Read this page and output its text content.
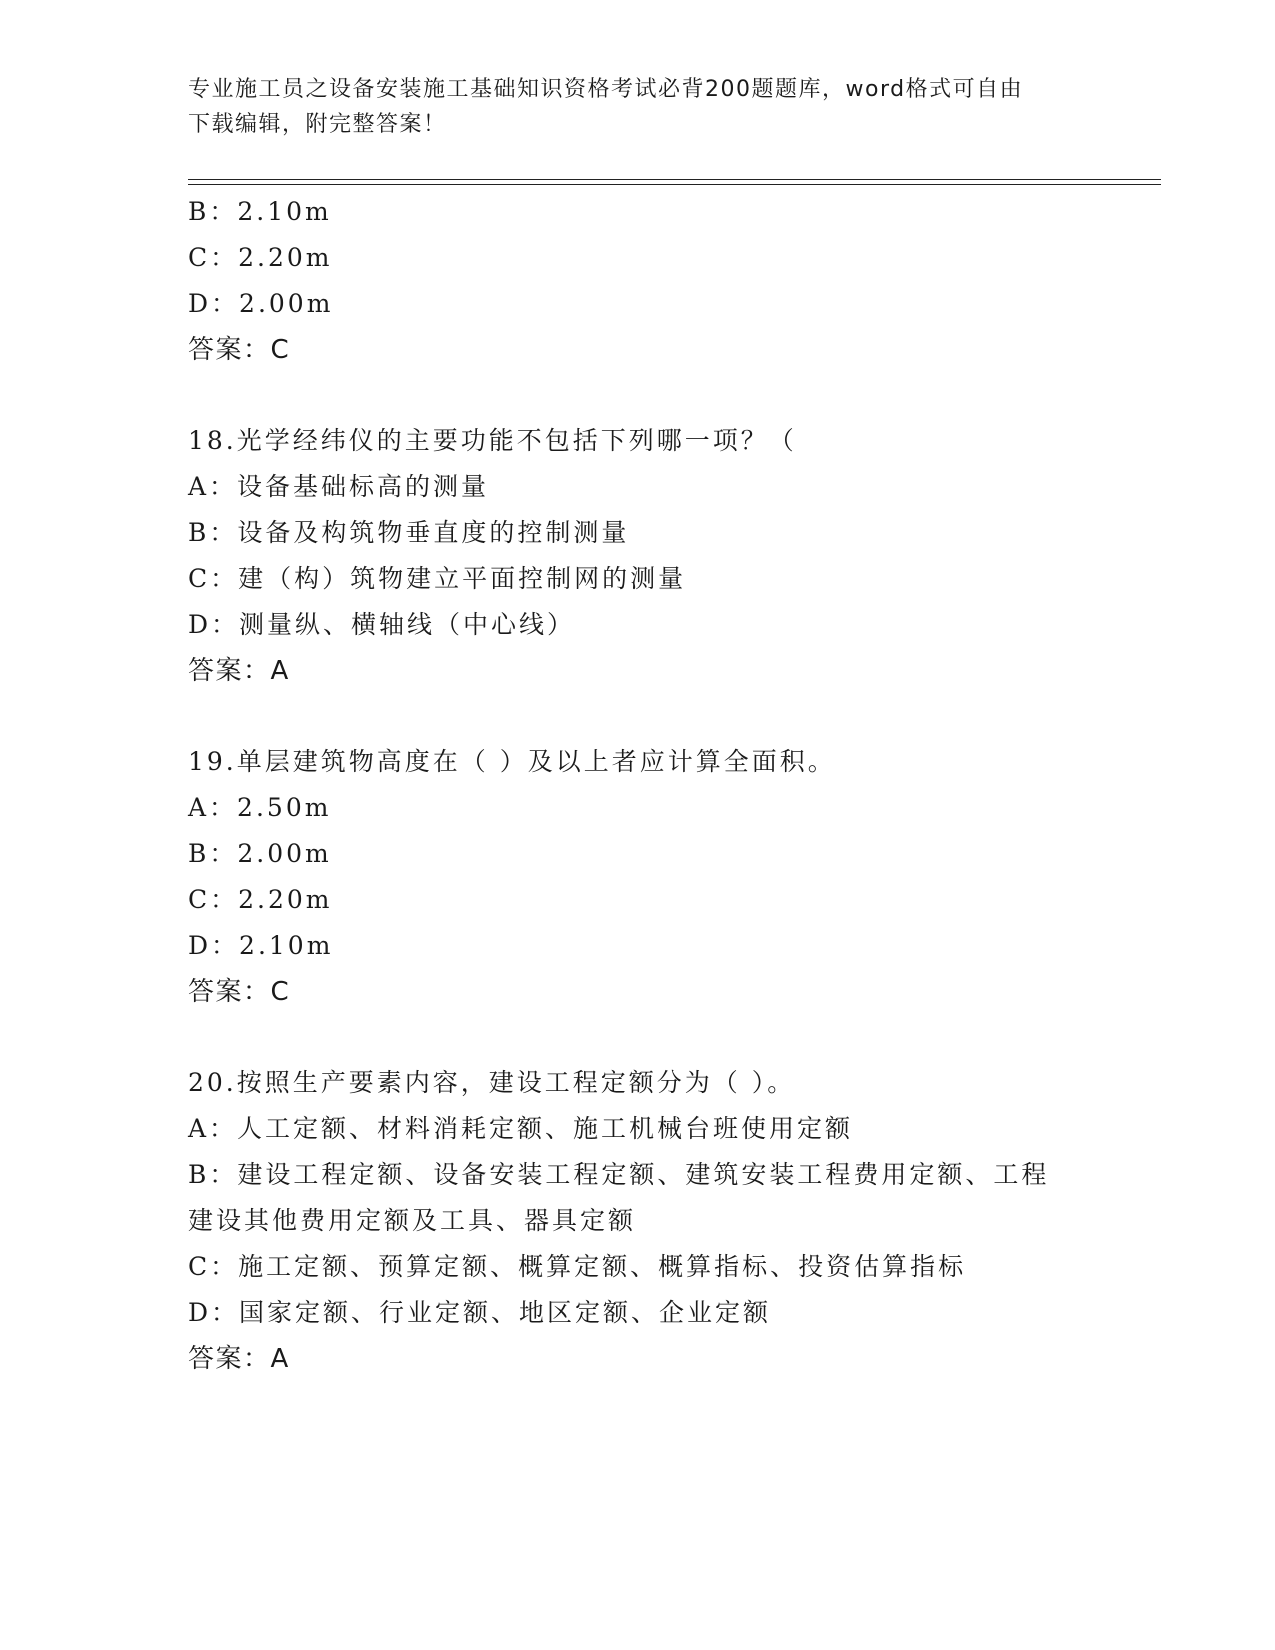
专业施工员之设备安装施工基础知识资格考试必背200题题库，word格式可自由
下载编辑，附完整答案！
B：2.10m
C：2.20m
D：2.00m
答案：C
18.光学经纬仪的主要功能不包括下列哪一项？（
A：设备基础标高的测量
B：设备及构筑物垂直度的控制测量
C：建（构）筑物建立平面控制网的测量
D：测量纵、横轴线（中心线）
答案：A
19.单层建筑物高度在（ ）及以上者应计算全面积。
A：2.50m
B：2.00m
C：2.20m
D：2.10m
答案：C
20.按照生产要素内容，建设工程定额分为（ ）。
A：人工定额、材料消耗定额、施工机械台班使用定额
B：建设工程定额、设备安装工程定额、建筑安装工程费用定额、工程
建设其他费用定额及工具、器具定额
C：施工定额、预算定额、概算定额、概算指标、投资估算指标
D：国家定额、行业定额、地区定额、企业定额
答案：A
